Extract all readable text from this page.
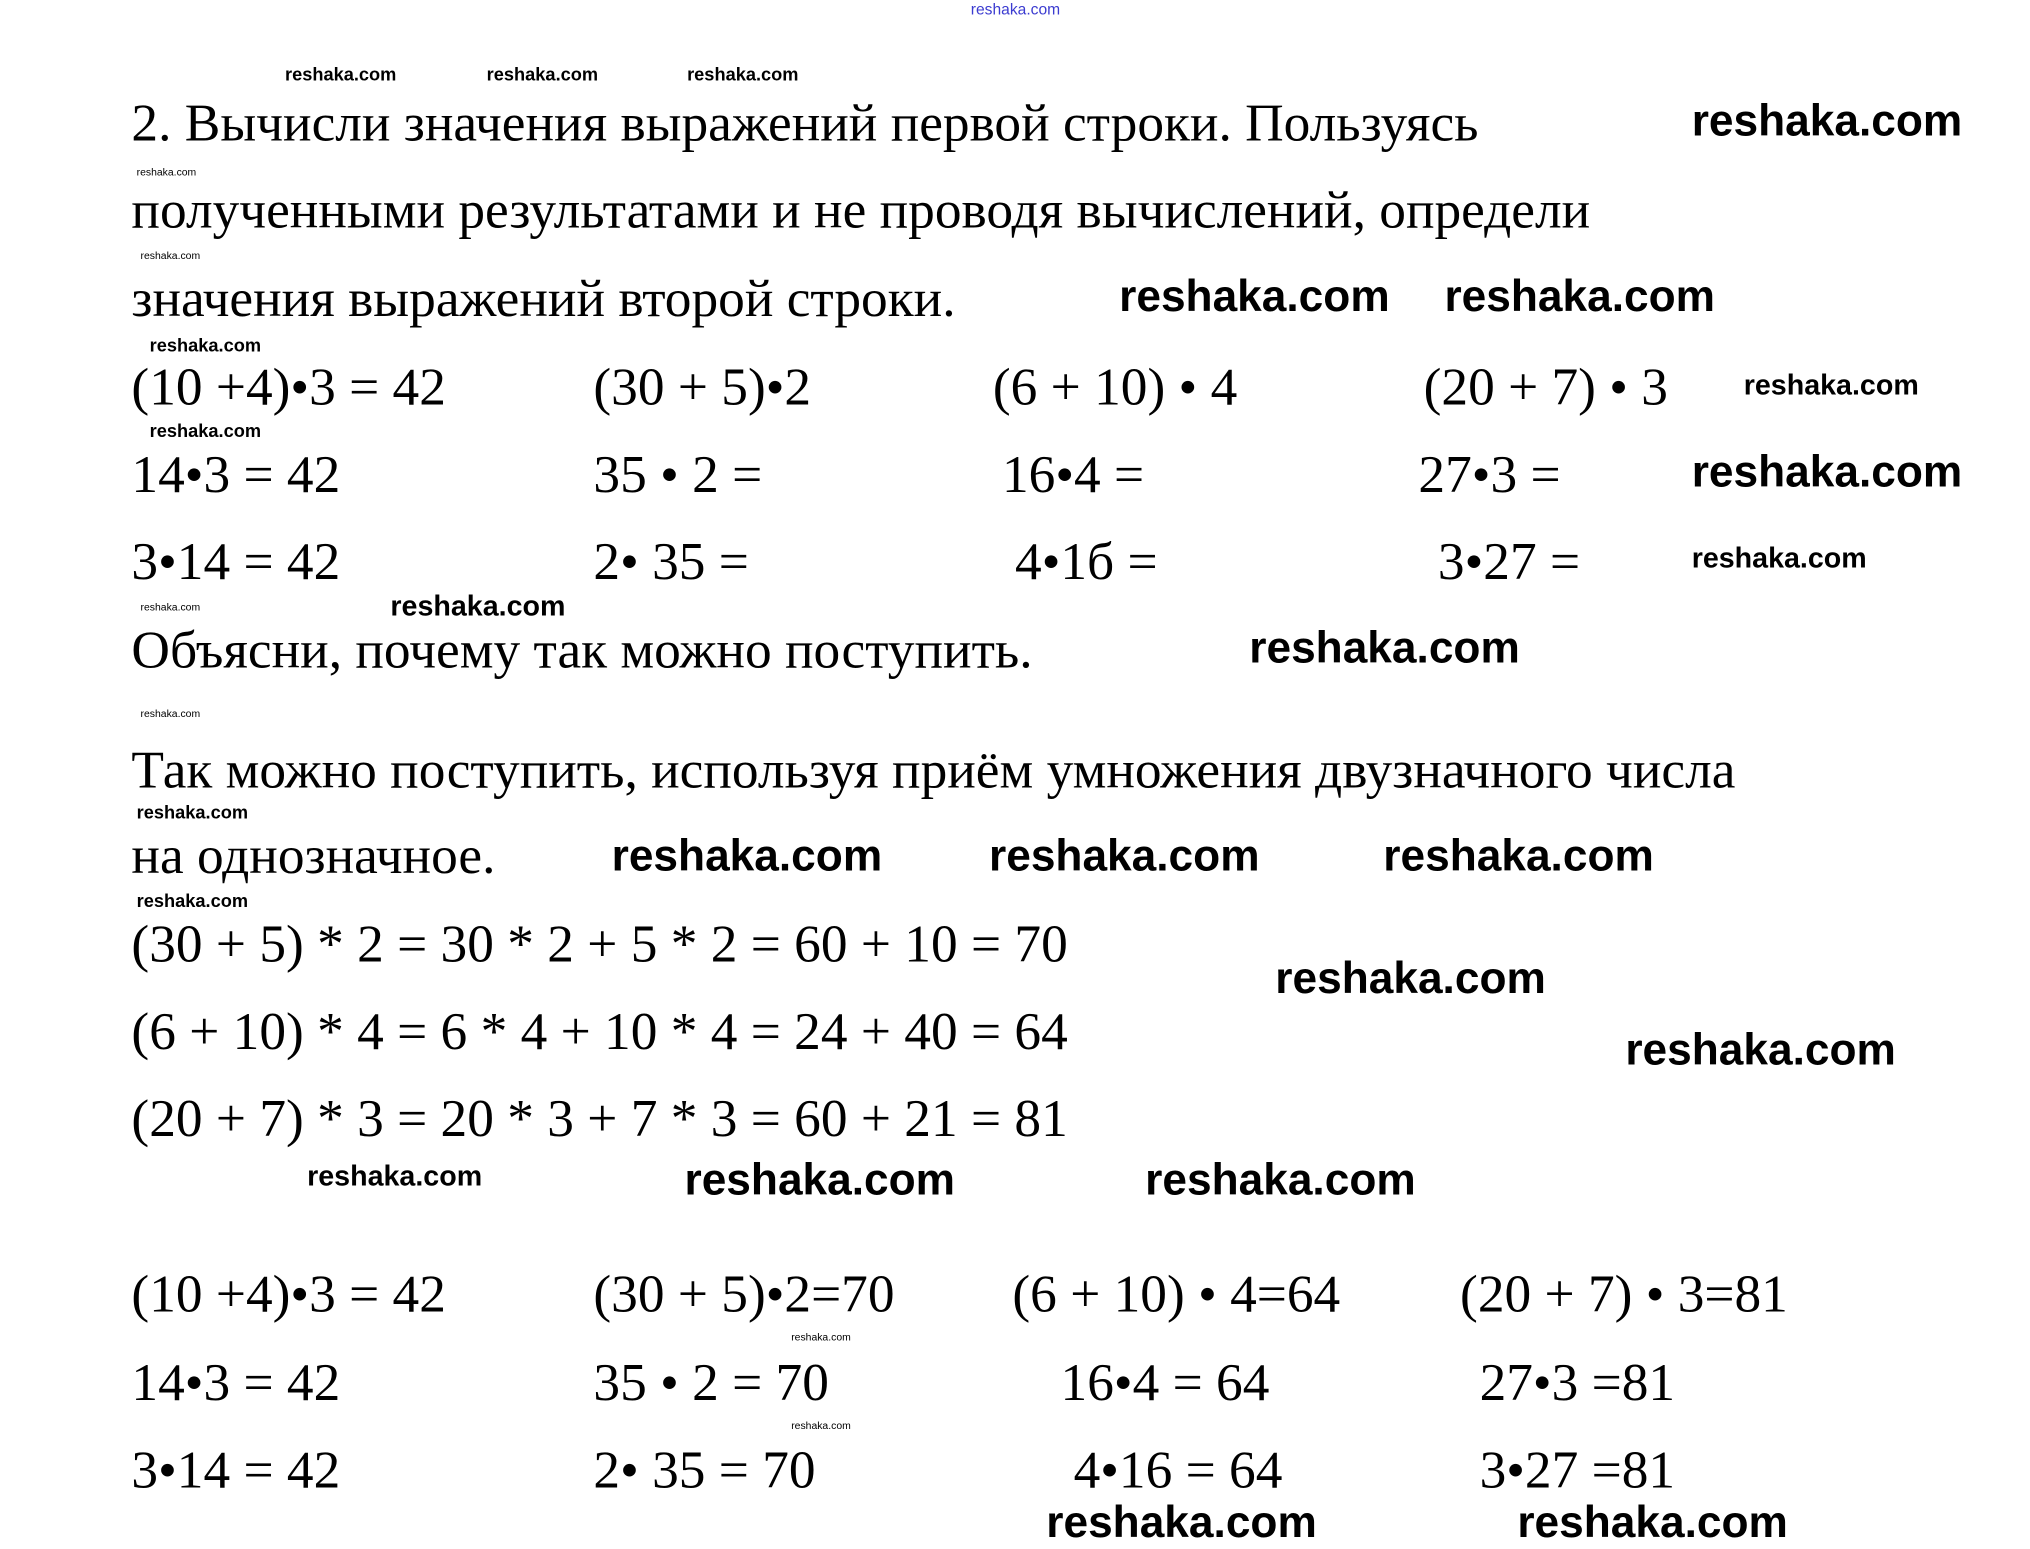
2. Вычисли значения выражений первой строки. Пользуясь
полученными результатами и не проводя вычислений, определи
значения выражений второй строки.
(10 +4)•3 = 42	(30 + 5)•2	(6 + 10) • 4	(20 + 7) • 3
14•3 = 42	35 • 2 =	16•4 =	27•3 =
3•14 = 42	2• 35 =	4•1б =	3•27 =
Объясни, почему так можно поступить.
Так можно поступить, используя приём умножения двузначного числа
на однозначное.
(30 + 5) * 2 = 30 * 2 + 5 * 2 = 60 + 10 = 70
(6 + 10) * 4 = 6 * 4 + 10 * 4 = 24 + 40 = 64
(20 + 7) * 3 = 20 * 3 + 7 * 3 = 60 + 21 = 81
(10 +4)•3 = 42	(30 + 5)•2=70	(6 + 10) • 4=64	(20 + 7) • 3=81
14•3 = 42	35 • 2 = 70	16•4 = 64	27•3 =81
3•14 = 42	2• 35 = 70	4•16 = 64	3•27 =81
reshaka.com
reshaka.com	reshaka.com	reshaka.com
reshaka.com
reshaka.com
reshaka.com
reshaka.com reshaka.com
reshaka.com
reshaka.com
reshaka.com
reshaka.com
reshaka.com
reshaka.com
reshaka.com
reshaka.com
reshaka.com
reshaka.com
reshaka.com	reshaka.com	reshaka.com
reshaka.com
reshaka.com
reshaka.com
reshaka.com
reshaka.com
reshaka.com
reshaka.com
reshaka.com
reshaka.com	reshaka.com
